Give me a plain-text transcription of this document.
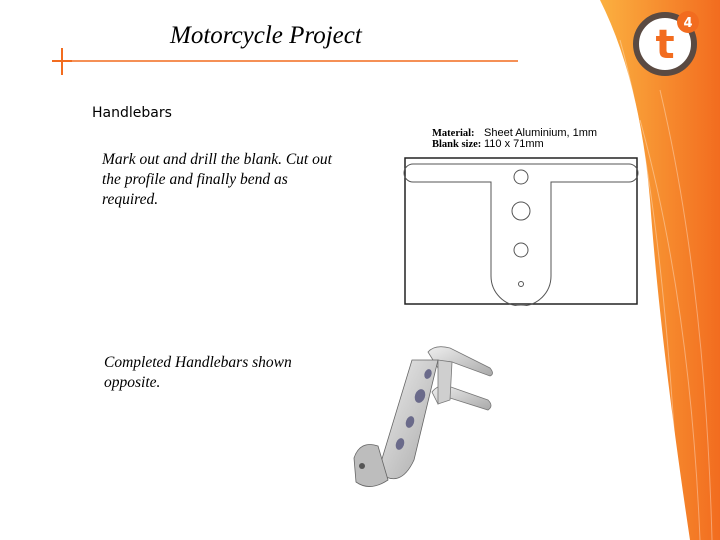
t 4
Motorcycle Project
Handlebars
Mark out and drill the blank. Cut out the profile and finally bend as required.
Completed Handlebars shown opposite.
Material: Sheet Aluminium, 1mm
Blank size: 110 x 71mm
